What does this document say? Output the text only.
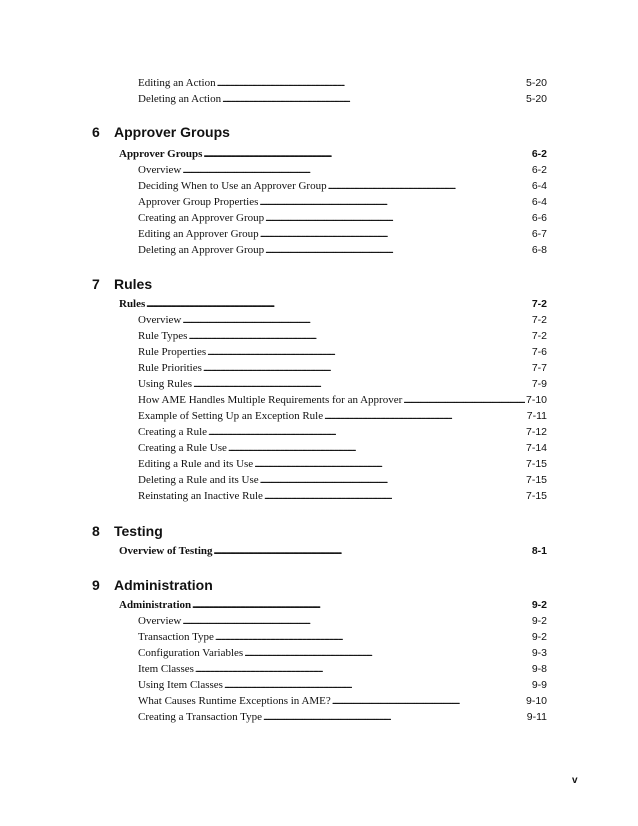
Editing an Action . . .	5-20
Deleting an Action . . .	5-20
6 Approver Groups
Approver Groups . . .	6-2
Overview . . .	6-2
Deciding When to Use an Approver Group . . .	6-4
Approver Group Properties . . .	6-4
Creating an Approver Group . . .	6-6
Editing an Approver Group . . .	6-7
Deleting an Approver Group . . .	6-8
7 Rules
Rules . . .	7-2
Overview . . .	7-2
Rule Types . . .	7-2
Rule Properties . . .	7-6
Rule Priorities . . .	7-7
Using Rules . . .	7-9
How AME Handles Multiple Requirements for an Approver . . .	7-10
Example of Setting Up an Exception Rule . . .	7-11
Creating a Rule . . .	7-12
Creating a Rule Use . . .	7-14
Editing a Rule and its Use . . .	7-15
Deleting a Rule and its Use . . .	7-15
Reinstating an Inactive Rule . . .	7-15
8 Testing
Overview of Testing . . .	8-1
9 Administration
Administration . . .	9-2
Overview . . .	9-2
Transaction Type . . .	9-2
Configuration Variables . . .	9-3
Item Classes . . .	9-8
Using Item Classes . . .	9-9
What Causes Runtime Exceptions in AME? . . .	9-10
Creating a Transaction Type . . .	9-11
v
